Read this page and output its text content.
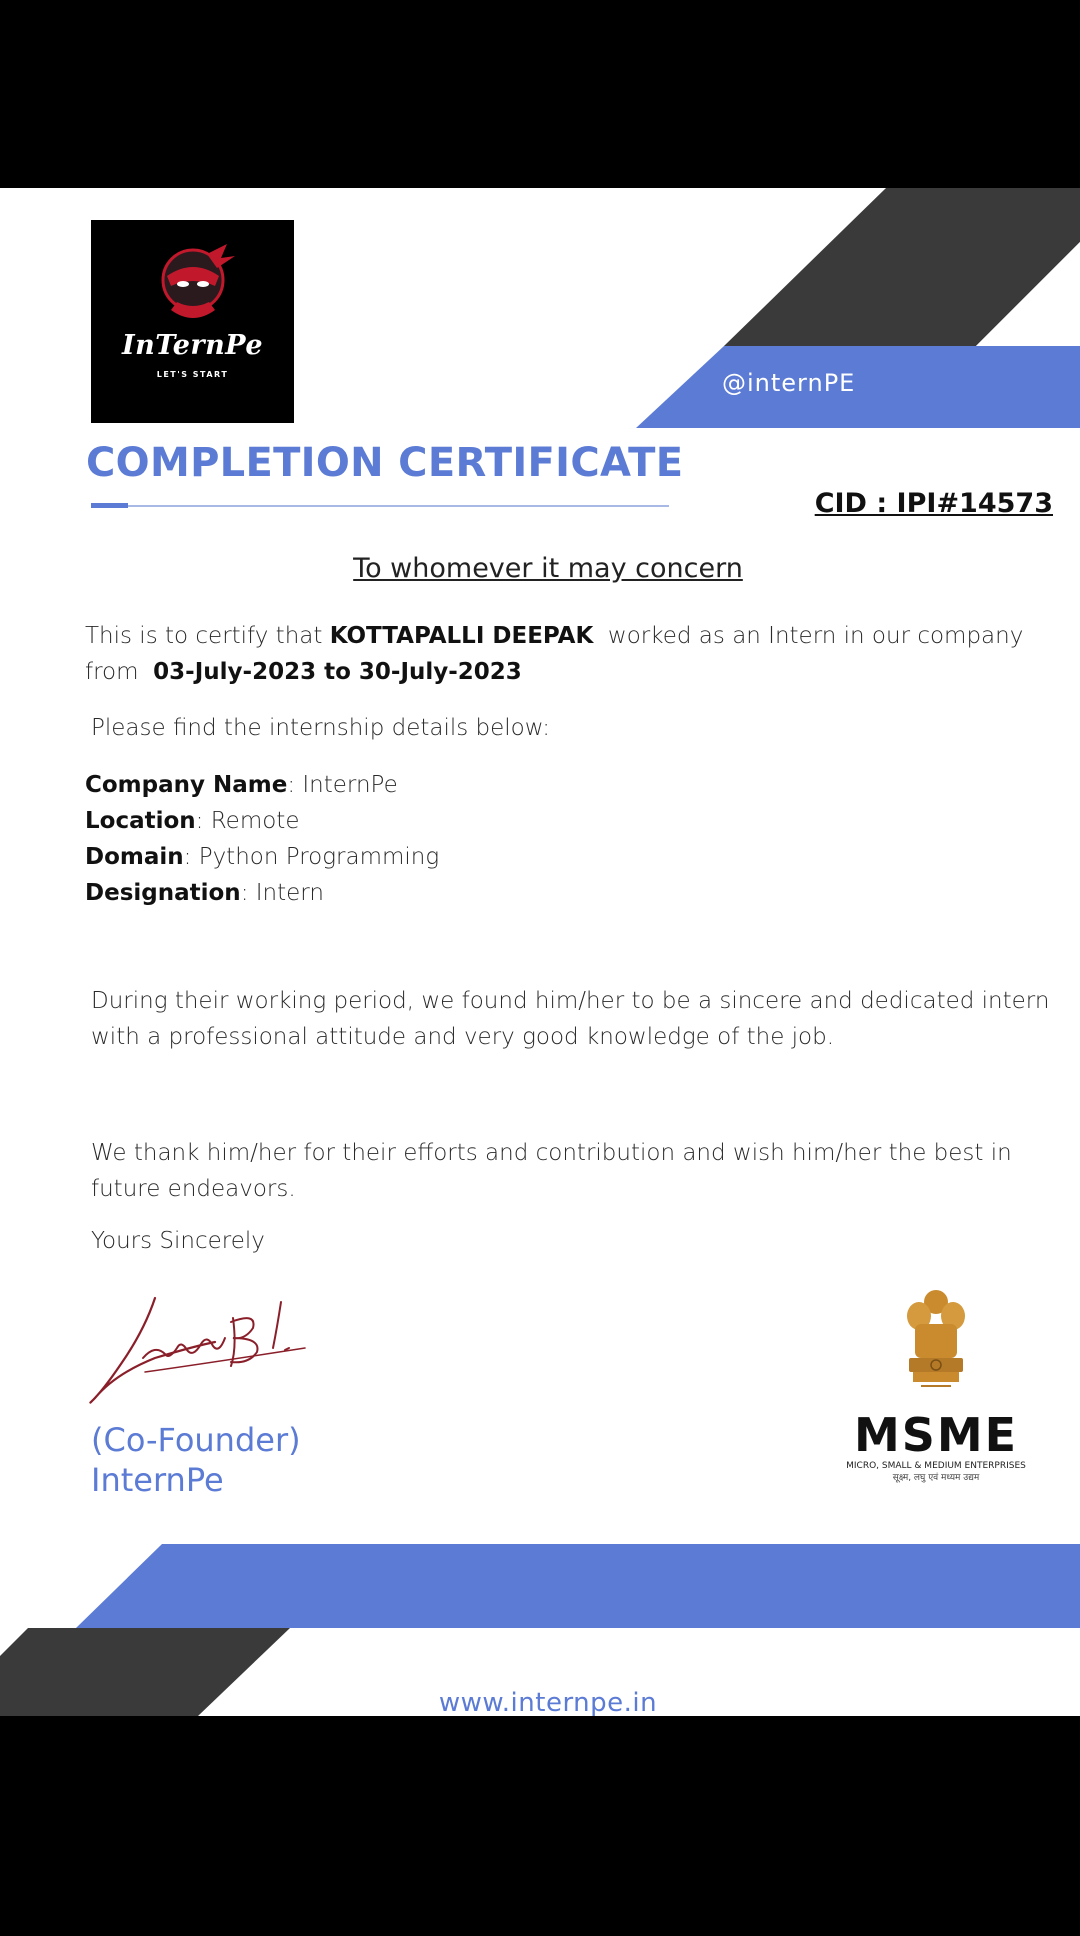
InTernPe
LET'S START	@internPE
COMPLETION CERTIFICATE
CID : IPI#14573
To whomever it may concern
This is to certify that KOTTAPALLI DEEPAK  worked as an Intern in our company from  03-July-2023 to 30-July-2023
Please find the internship details below:
Company Name: InternPe
Location: Remote
Domain: Python Programming
Designation: Intern
During their working period, we found him/her to be a sincere and dedicated intern with a professional attitude and very good knowledge of the job.
We thank him/her for their efforts and contribution and wish him/her the best in future endeavors.
Yours Sincerely
(Co-Founder)
InternPe
MSME
MICRO, SMALL & MEDIUM ENTERPRISES
सूक्ष्म, लघु एवं मध्यम उद्यम
www.internpe.in
